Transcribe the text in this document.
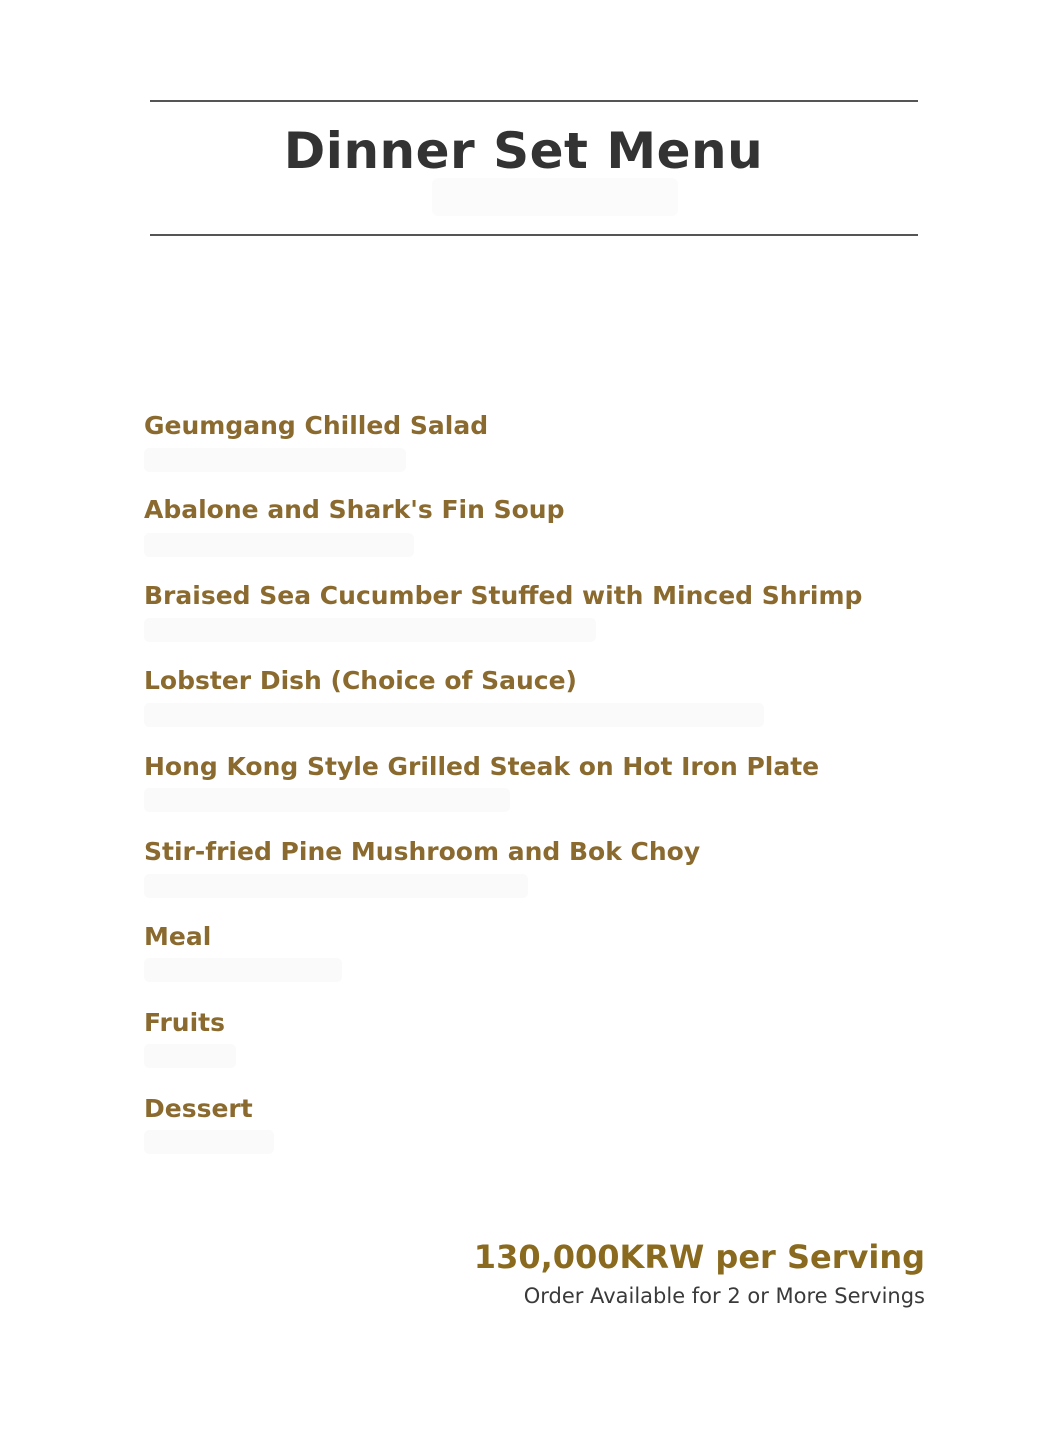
Dinner Set Menu
Geumgang Chilled Salad
Abalone and Shark's Fin Soup
Braised Sea Cucumber Stuffed with Minced Shrimp
Lobster Dish (Choice of Sauce)
Hong Kong Style Grilled Steak on Hot Iron Plate
Stir-fried Pine Mushroom and Bok Choy
Meal
Fruits
Dessert
130,000KRW per Serving
Order Available for 2 or More Servings
